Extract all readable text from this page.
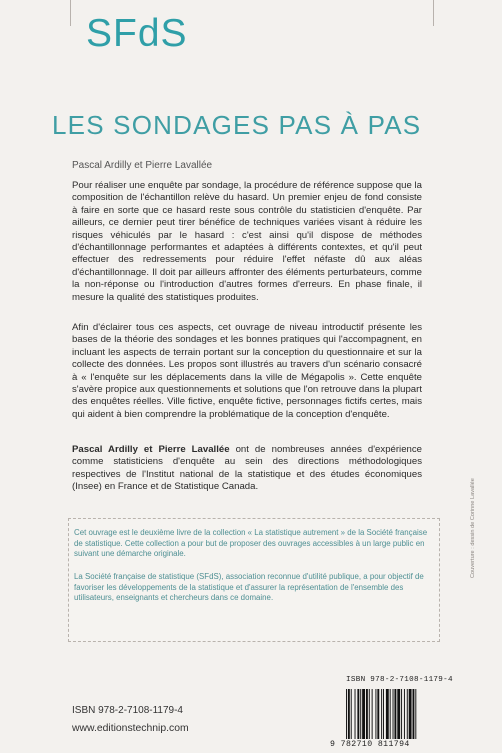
SFdS
LES SONDAGES PAS À PAS
Pascal Ardilly et Pierre Lavallée
Pour réaliser une enquête par sondage, la procédure de référence suppose que la composition de l'échantillon relève du hasard. Un premier enjeu de fond consiste à faire en sorte que ce hasard reste sous contrôle du statisticien d'enquête. Par ailleurs, ce dernier peut tirer bénéfice de techniques variées visant à réduire les risques véhiculés par le hasard : c'est ainsi qu'il dispose de méthodes d'échantillonnage performantes et adaptées à différents contextes, et qu'il peut effectuer des redressements pour réduire l'effet néfaste dû aux aléas d'échantillonnage. Il doit par ailleurs affronter des éléments perturbateurs, comme la non-réponse ou l'introduction d'autres formes d'erreurs. En phase finale, il mesure la qualité des statistiques produites.
Afin d'éclairer tous ces aspects, cet ouvrage de niveau introductif présente les bases de la théorie des sondages et les bonnes pratiques qui l'accompagnent, en incluant les aspects de terrain portant sur la conception du questionnaire et sur la collecte des données. Les propos sont illustrés au travers d'un scénario consacré à « l'enquête sur les déplacements dans la ville de Mégapolis ». Cette enquête s'avère propice aux questionnements et solutions que l'on retrouve dans la plupart des enquêtes réelles. Ville fictive, enquête fictive, personnages fictifs certes, mais qui aident à bien comprendre la problématique de la conception d'enquête.
Pascal Ardilly et Pierre Lavallée ont de nombreuses années d'expérience comme statisticiens d'enquête au sein des directions méthodologiques respectives de l'Institut national de la statistique et des études économiques (Insee) en France et de Statistique Canada.
Cet ouvrage est le deuxième livre de la collection « La statistique autrement » de la Société française de statistique. Cette collection a pour but de proposer des ouvrages accessibles à un large public en suivant une démarche originale.
La Société française de statistique (SFdS), association reconnue d'utilité publique, a pour objectif de favoriser les développements de la statistique et d'assurer la représentation de l'ensemble des utilisateurs, enseignants et chercheurs dans ce domaine.
Couverture : dessin de Corinne Lavallée
ISBN 978-2-7108-1179-4
9 782710 811794
ISBN 978-2-7108-1179-4
www.editionstechnip.com
